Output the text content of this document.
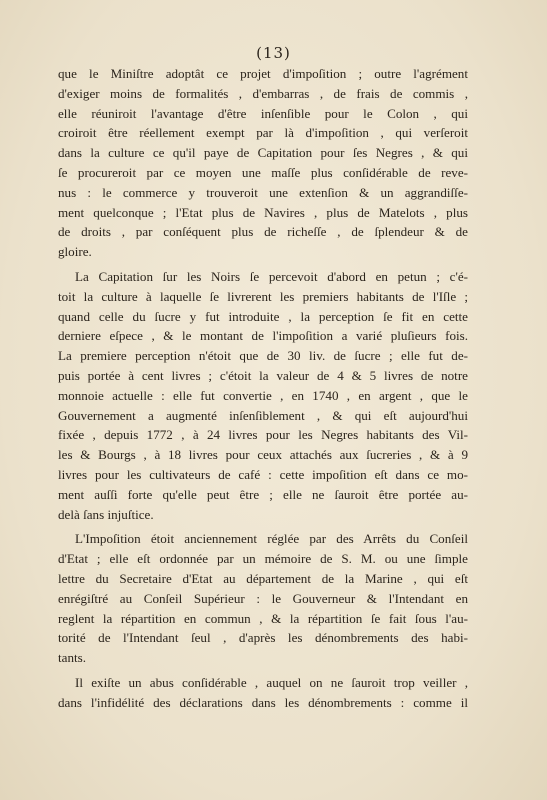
(13)
que le Miniſtre adoptât ce projet d'impoſition ; outre l'agrément
d'exiger moins de formalités , d'embarras , de frais de commis ,
elle réuniroit l'avantage d'être inſenſible pour le Colon , qui
croiroit être réellement exempt par là d'impoſition , qui verſeroit
dans la culture ce qu'il paye de Capitation pour ſes Negres , & qui
ſe procureroit par ce moyen une maſſe plus conſidérable de reve-
nus : le commerce y trouveroit une extenſion & un aggrandiſſe-
ment quelconque ; l'Etat plus de Navires , plus de Matelots , plus
de droits , par conſéquent plus de richeſſe , de ſplendeur & de
gloire.
La Capitation ſur les Noirs ſe percevoit d'abord en petun ; c'é-
toit la culture à laquelle ſe livrerent les premiers habitants de l'Iſle ;
quand celle du ſucre y fut introduite , la perception ſe fit en cette
derniere eſpece , & le montant de l'impoſition a varié pluſieurs fois.
La premiere perception n'étoit que de 30 liv. de ſucre ; elle fut de-
puis portée à cent livres ; c'étoit la valeur de 4 & 5 livres de notre
monnoie actuelle : elle fut convertie , en 1740 , en argent , que le
Gouvernement a augmenté inſenſiblement , & qui eſt aujourd'hui
fixée , depuis 1772 , à 24 livres pour les Negres habitants des Vil-
les & Bourgs , à 18 livres pour ceux attachés aux ſucreries , & à 9
livres pour les cultivateurs de café : cette impoſition eſt dans ce mo-
ment auſſi forte qu'elle peut être ; elle ne ſauroit être portée au-
delà ſans injuſtice.
L'Impoſition étoit anciennement réglée par des Arrêts du Conſeil
d'Etat ; elle eſt ordonnée par un mémoire de S. M. ou une ſimple
lettre du Secretaire d'Etat au département de la Marine , qui eſt
enrégiſtré au Conſeil Supérieur : le Gouverneur & l'Intendant en
reglent la répartition en commun , & la répartition ſe fait ſous l'au-
torité de l'Intendant ſeul , d'après les dénombrements des habi-
tants.
Il exiſte un abus conſidérable , auquel on ne ſauroit trop veiller ,
dans l'infidélité des déclarations dans les dénombrements : comme il
